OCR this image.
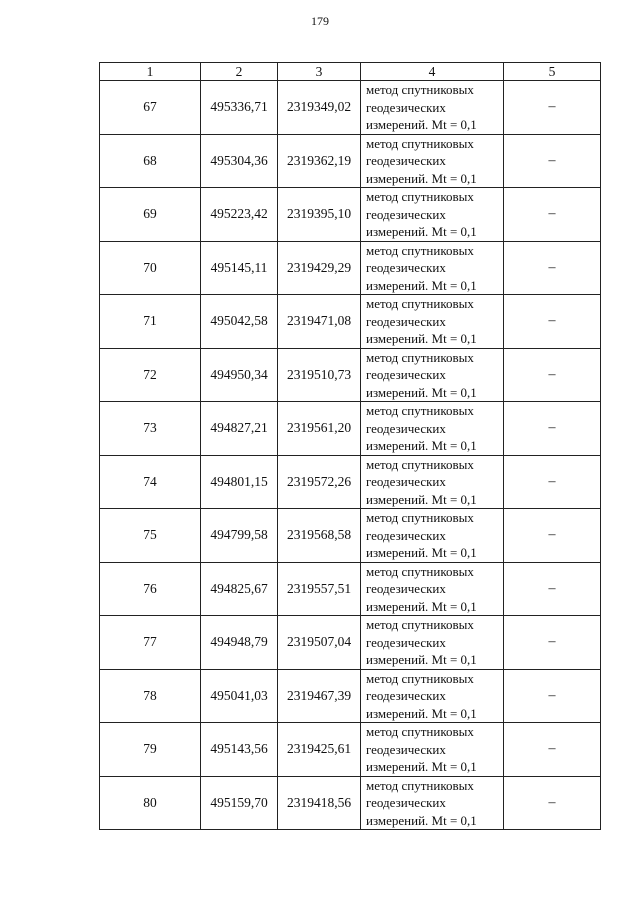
179
1	2	3	4	5
67	495336,71	2319349,02	метод спутниковых
геодезических
измерений. Mt = 0,1	–
68	495304,36	2319362,19	метод спутниковых
геодезических
измерений. Mt = 0,1	–
69	495223,42	2319395,10	метод спутниковых
геодезических
измерений. Mt = 0,1	–
70	495145,11	2319429,29	метод спутниковых
геодезических
измерений. Mt = 0,1	–
71	495042,58	2319471,08	метод спутниковых
геодезических
измерений. Mt = 0,1	–
72	494950,34	2319510,73	метод спутниковых
геодезических
измерений. Mt = 0,1	–
73	494827,21	2319561,20	метод спутниковых
геодезических
измерений. Mt = 0,1	–
74	494801,15	2319572,26	метод спутниковых
геодезических
измерений. Mt = 0,1	–
75	494799,58	2319568,58	метод спутниковых
геодезических
измерений. Mt = 0,1	–
76	494825,67	2319557,51	метод спутниковых
геодезических
измерений. Mt = 0,1	–
77	494948,79	2319507,04	метод спутниковых
геодезических
измерений. Mt = 0,1	–
78	495041,03	2319467,39	метод спутниковых
геодезических
измерений. Mt = 0,1	–
79	495143,56	2319425,61	метод спутниковых
геодезических
измерений. Mt = 0,1	–
80	495159,70	2319418,56	метод спутниковых
геодезических
измерений. Mt = 0,1	–
